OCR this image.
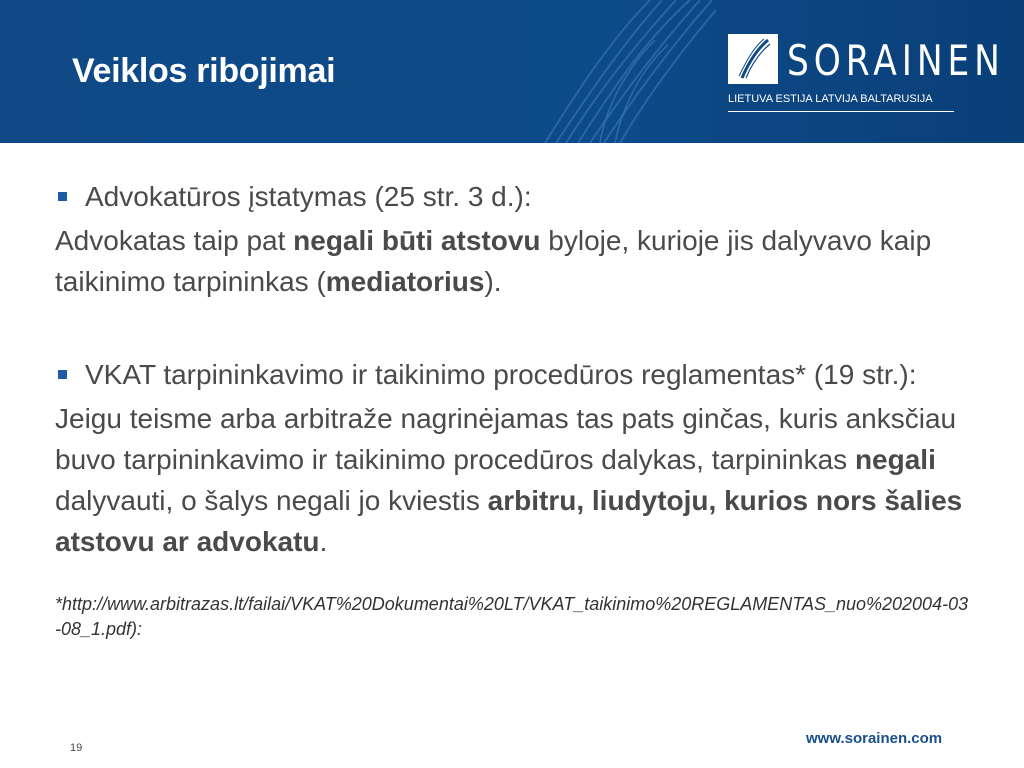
Veiklos ribojimai	SORAINEN
LIETUVA ESTIJA LATVIJA BALTARUSIJA
Advokatūros įstatymas (25 str. 3 d.):
Advokatas taip pat negali būti atstovu byloje, kurioje jis dalyvavo kaip taikinimo tarpininkas (mediatorius).
VKAT tarpininkavimo ir taikinimo procedūros reglamentas* (19 str.):
Jeigu teisme arba arbitraže nagrinėjamas tas pats ginčas, kuris anksčiau buvo tarpininkavimo ir taikinimo procedūros dalykas, tarpininkas negali dalyvauti, o šalys negali jo kviestis arbitru, liudytoju, kurios nors šalies atstovu ar advokatu.
*http://www.arbitrazas.lt/failai/VKAT%20Dokumentai%20LT/VKAT_taikinimo%20REGLAMENTAS_nuo%202004-03-08_1.pdf):
19
www.sorainen.com
